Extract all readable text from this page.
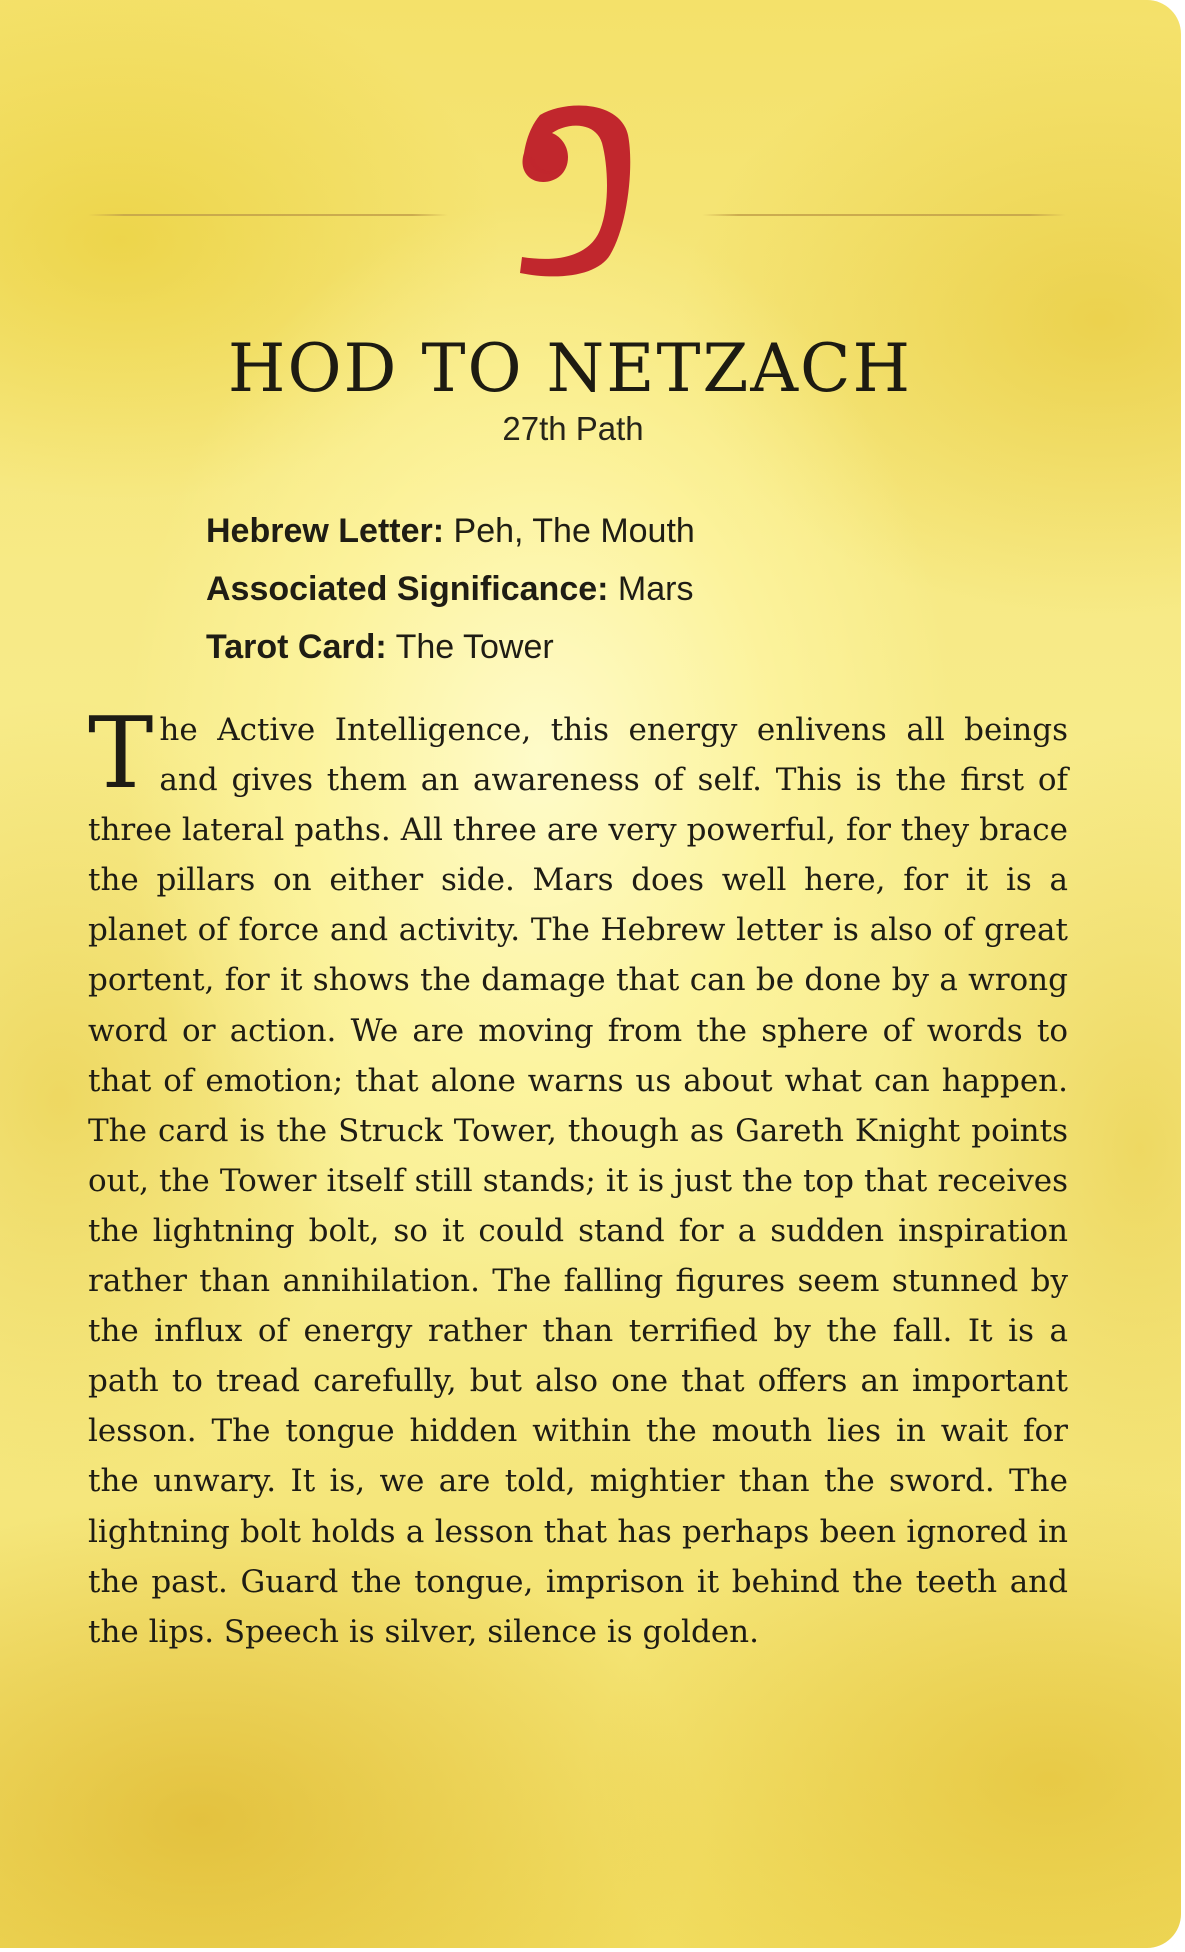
HOD TO NETZACH
27th Path
Hebrew Letter: Peh, The Mouth
Associated Significance: Mars
Tarot Card: The Tower
The Active Intelligence, this energy enlivens all beings and gives them an awareness of self. This is the first of three lateral paths. All three are very powerful, for they brace the pillars on either side. Mars does well here, for it is a planet of force and activity. The Hebrew letter is also of great portent, for it shows the damage that can be done by a wrong word or action. We are moving from the sphere of words to that of emotion; that alone warns us about what can happen. The card is the Struck Tower, though as Gareth Knight points out, the Tower itself still stands; it is just the top that receives the lightning bolt, so it could stand for a sudden inspiration rather than annihilation. The falling figures seem stunned by the influx of energy rather than terrified by the fall. It is a path to tread carefully, but also one that offers an important lesson. The tongue hidden within the mouth lies in wait for the unwary. It is, we are told, mightier than the sword. The lightning bolt holds a lesson that has perhaps been ignored in the past. Guard the tongue, imprison it behind the teeth and the lips. Speech is silver, silence is golden.
